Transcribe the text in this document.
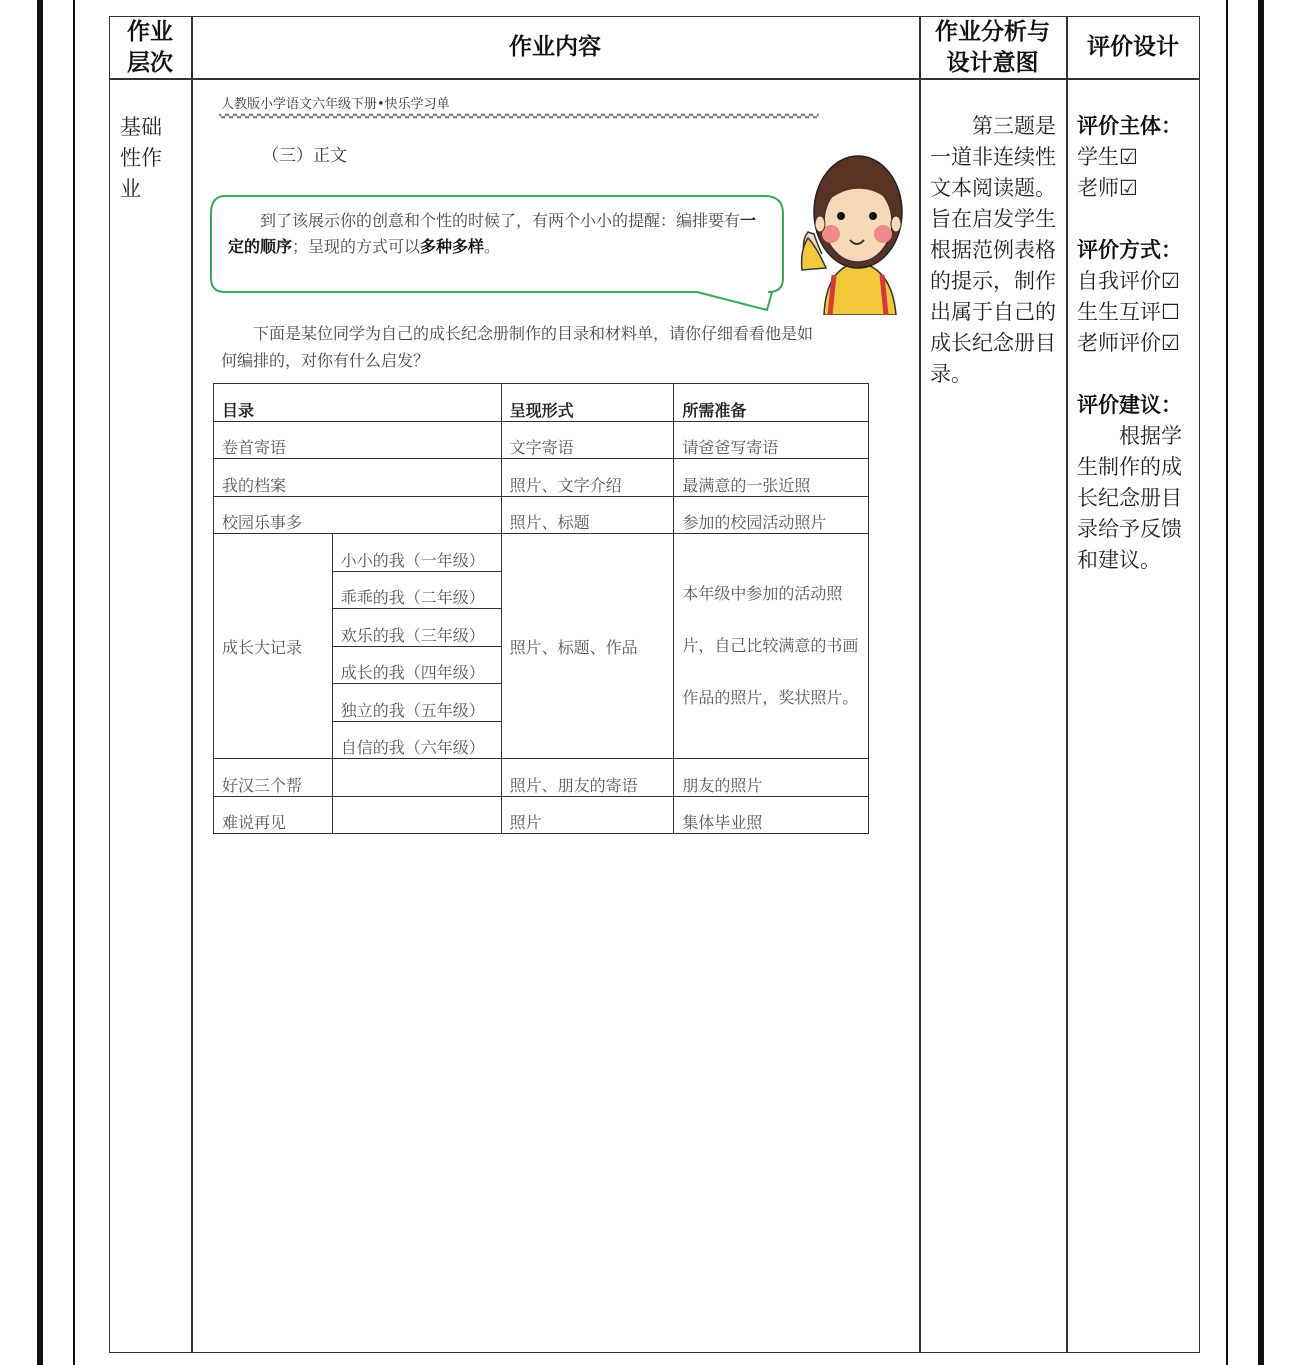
作业层次
作业内容
作业分析与设计意图
评价设计
基础性作业
人教版小学语文六年级下册•快乐学习单
（三）正文
到了该展示你的创意和个性的时候了，有两个小小的提醒：编排要有一定的顺序；呈现的方式可以多种多样。
下面是某位同学为自己的成长纪念册制作的目录和材料单，请你仔细看看他是如何编排的，对你有什么启发？
目录		呈现形式	所需准备
卷首寄语		文字寄语	请爸爸写寄语
我的档案		照片、文字介绍	最满意的一张近照
校园乐事多		照片、标题	参加的校园活动照片
成长大记录	小小的我（一年级）	照片、标题、作品	本年级中参加的活动照片，自己比较满意的书画作品的照片，奖状照片。
	乖乖的我（二年级）		
	欢乐的我（三年级）		
	成长的我（四年级）		
	独立的我（五年级）		
	自信的我（六年级）		
好汉三个帮		照片、朋友的寄语	朋友的照片
难说再见		照片	集体毕业照
第三题是一道非连续性文本阅读题。旨在启发学生根据范例表格的提示，制作出属于自己的成长纪念册目录。
评价主体：
学生☑
老师☑
评价方式：
自我评价☑
生生互评☐
老师评价☑
评价建议：
根据学生制作的成长纪念册目录给予反馈和建议。
